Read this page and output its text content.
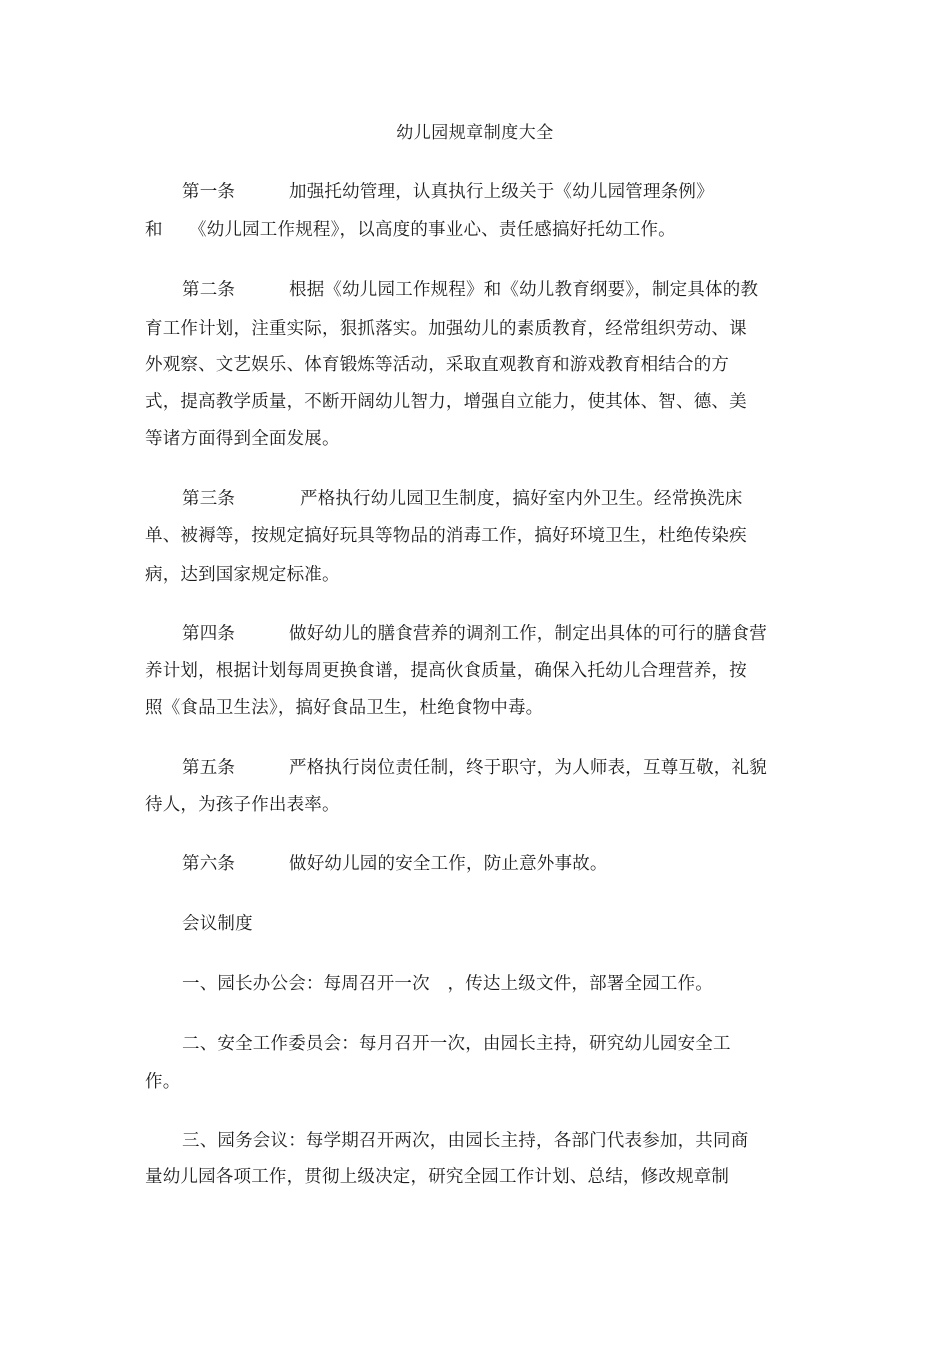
幼儿园规章制度大全
第一条	加强托幼管理，认真执行上级关于《幼儿园管理条例》
和 《幼儿园工作规程》，以高度的事业心、责任感搞好托幼工作。
第二条	根据《幼儿园工作规程》和《幼儿教育纲要》，制定具体的教
育工作计划，注重实际，狠抓落实。加强幼儿的素质教育，经常组织劳动、课
外观察、文艺娱乐、体育锻炼等活动，采取直观教育和游戏教育相结合的方
式，提高教学质量，不断开阔幼儿智力，增强自立能力，使其体、智、德、美
等诸方面得到全面发展。
第三条	严格执行幼儿园卫生制度，搞好室内外卫生。经常换洗床
单、被褥等，按规定搞好玩具等物品的消毒工作，搞好环境卫生，杜绝传染疾
病，达到国家规定标准。
第四条	做好幼儿的膳食营养的调剂工作，制定出具体的可行的膳食营
养计划，根据计划每周更换食谱，提高伙食质量，确保入托幼儿合理营养，按
照《食品卫生法》，搞好食品卫生，杜绝食物中毒。
第五条	严格执行岗位责任制，终于职守，为人师表，互尊互敬，礼貌
待人，为孩子作出表率。
第六条	做好幼儿园的安全工作，防止意外事故。
会议制度
一、园长办公会：每周召开一次　，传达上级文件，部署全园工作。
二、安全工作委员会：每月召开一次，由园长主持，研究幼儿园安全工
作。
三、园务会议：每学期召开两次，由园长主持，各部门代表参加，共同商
量幼儿园各项工作，贯彻上级决定，研究全园工作计划、总结，修改规章制
